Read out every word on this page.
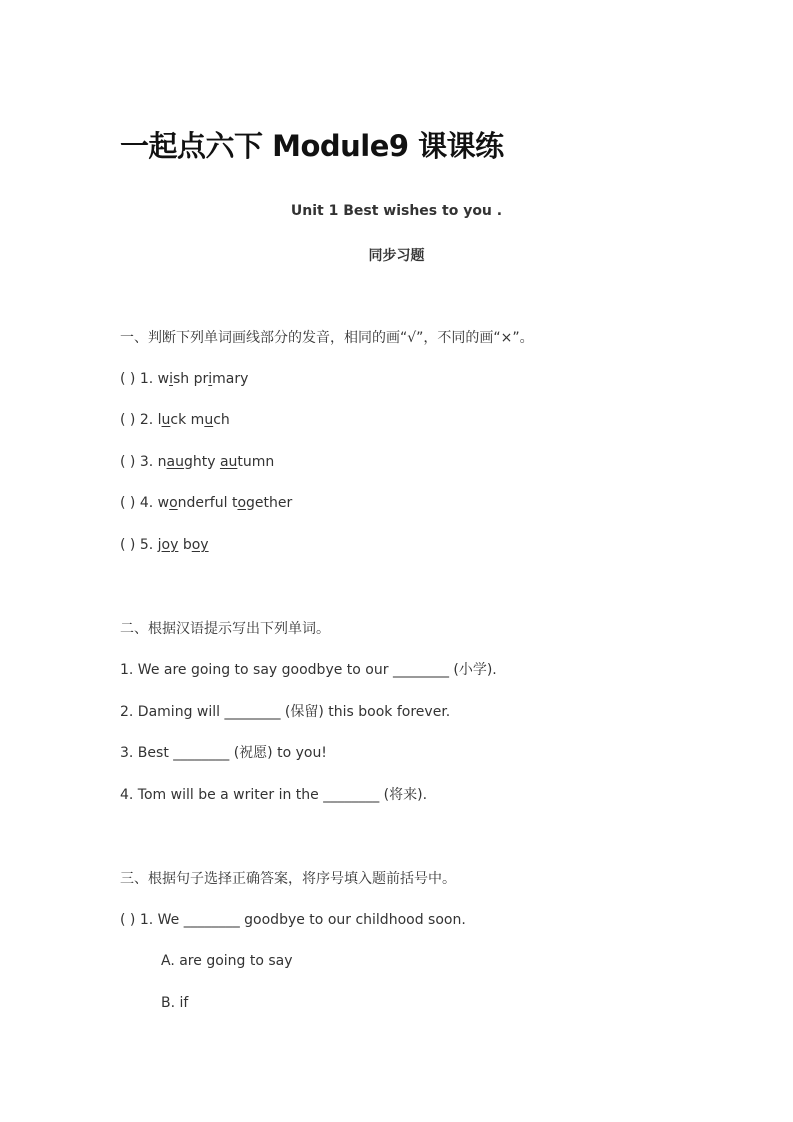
一起点六下 Module9 课课练
Unit 1 Best wishes to you .
同步习题
一、判断下列单词画线部分的发音，相同的画“√”，不同的画“×”。
( ) 1. wish primary
( ) 2. luck much
( ) 3. naughty autumn
( ) 4. wonderful together
( ) 5. joy boy
二、根据汉语提示写出下列单词。
1. We are going to say goodbye to our ________ (小学).
2. Daming will ________ (保留) this book forever.
3. Best ________ (祝愿) to you!
4. Tom will be a writer in the ________ (将来).
三、根据句子选择正确答案，将序号填入题前括号中。
( ) 1. We ________ goodbye to our childhood soon.
A. are going to say
B. if
